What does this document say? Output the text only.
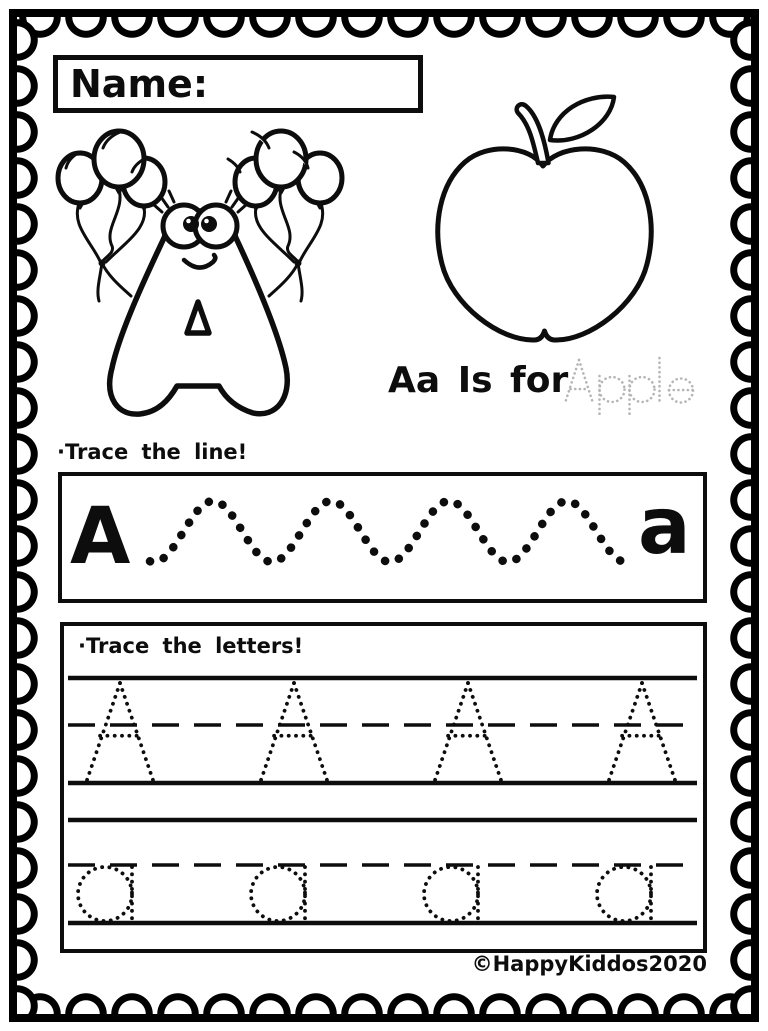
Name:
Aa Is for
·Trace the line!
A	a
·Trace the letters!
©HappyKiddos2020
